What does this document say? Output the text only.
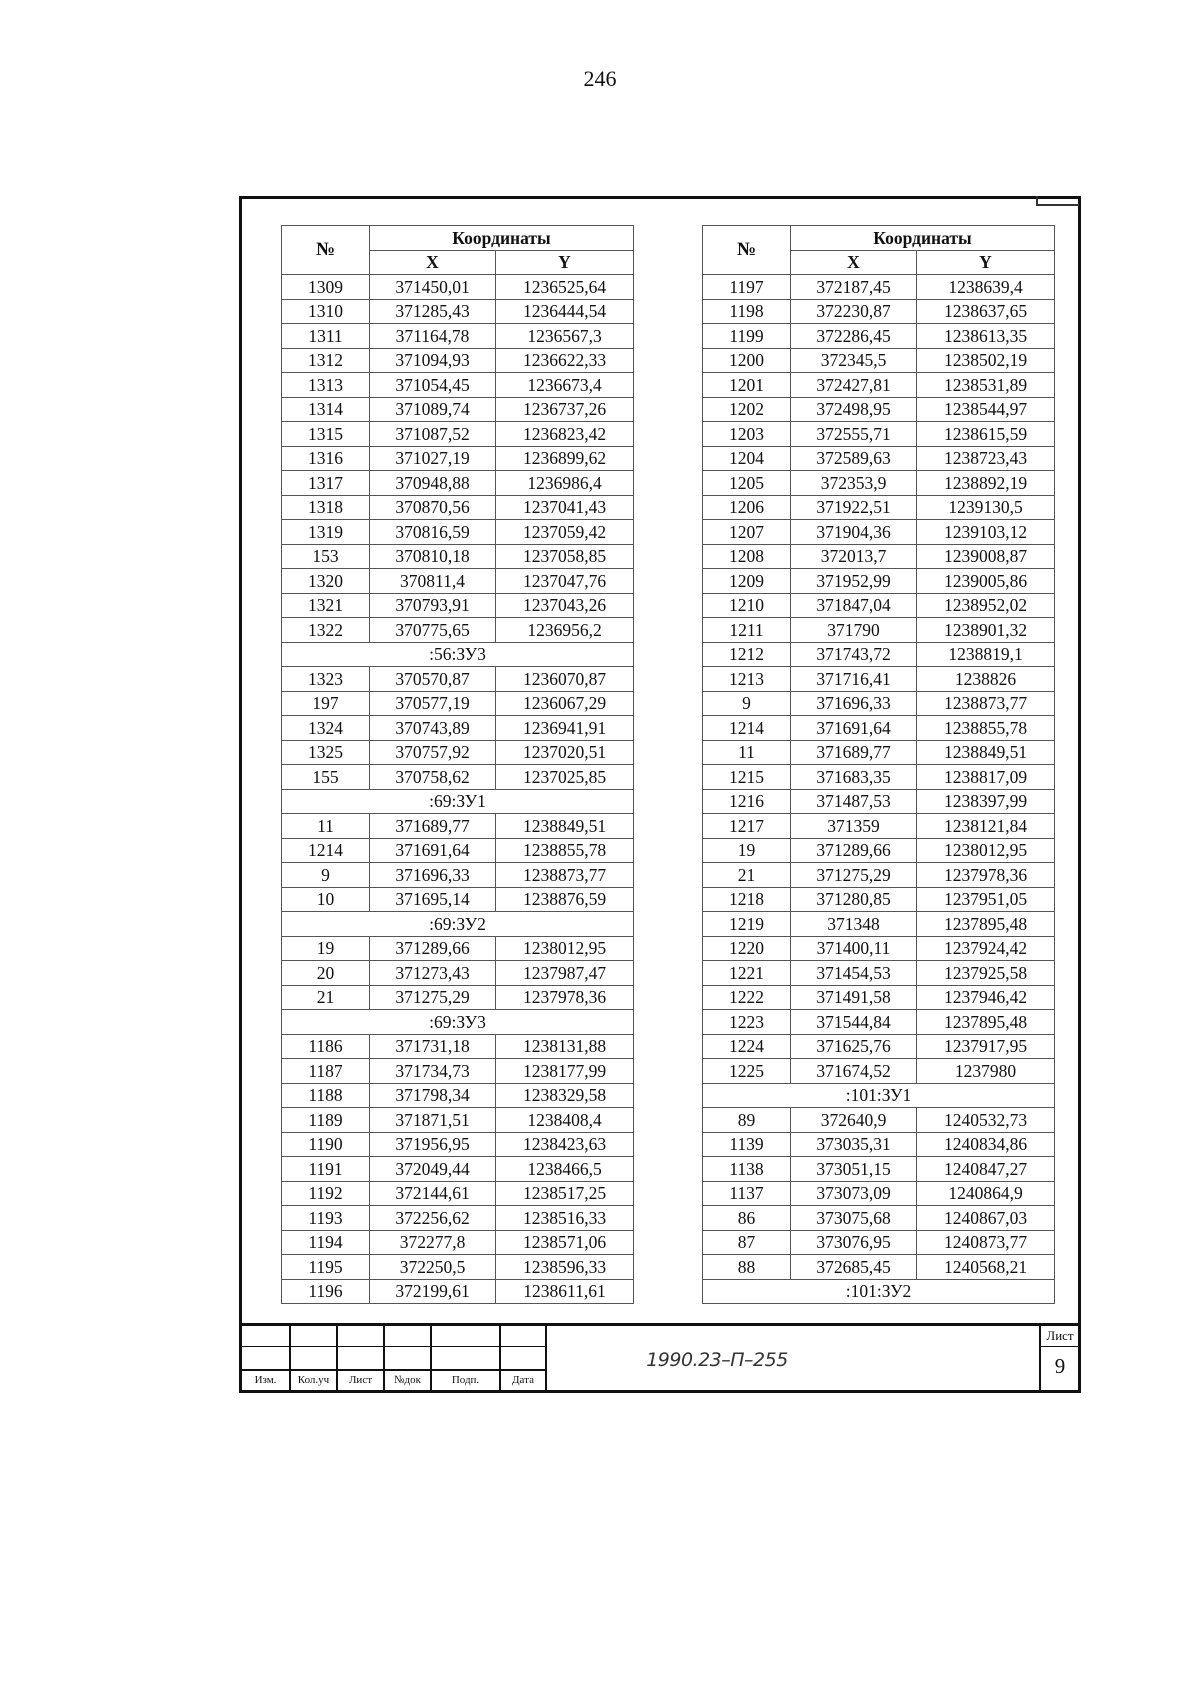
246
№	Координаты	
	X	Y
1309	371450,01	1236525,64
1310	371285,43	1236444,54
1311	371164,78	1236567,3
1312	371094,93	1236622,33
1313	371054,45	1236673,4
1314	371089,74	1236737,26
1315	371087,52	1236823,42
1316	371027,19	1236899,62
1317	370948,88	1236986,4
1318	370870,56	1237041,43
1319	370816,59	1237059,42
153	370810,18	1237058,85
1320	370811,4	1237047,76
1321	370793,91	1237043,26
1322	370775,65	1236956,2
:56:ЗУ3		
1323	370570,87	1236070,87
197	370577,19	1236067,29
1324	370743,89	1236941,91
1325	370757,92	1237020,51
155	370758,62	1237025,85
:69:ЗУ1		
11	371689,77	1238849,51
1214	371691,64	1238855,78
9	371696,33	1238873,77
10	371695,14	1238876,59
:69:ЗУ2		
19	371289,66	1238012,95
20	371273,43	1237987,47
21	371275,29	1237978,36
:69:ЗУ3		
1186	371731,18	1238131,88
1187	371734,73	1238177,99
1188	371798,34	1238329,58
1189	371871,51	1238408,4
1190	371956,95	1238423,63
1191	372049,44	1238466,5
1192	372144,61	1238517,25
1193	372256,62	1238516,33
1194	372277,8	1238571,06
1195	372250,5	1238596,33
1196	372199,61	1238611,61
№	Координаты	
	X	Y
1197	372187,45	1238639,4
1198	372230,87	1238637,65
1199	372286,45	1238613,35
1200	372345,5	1238502,19
1201	372427,81	1238531,89
1202	372498,95	1238544,97
1203	372555,71	1238615,59
1204	372589,63	1238723,43
1205	372353,9	1238892,19
1206	371922,51	1239130,5
1207	371904,36	1239103,12
1208	372013,7	1239008,87
1209	371952,99	1239005,86
1210	371847,04	1238952,02
1211	371790	1238901,32
1212	371743,72	1238819,1
1213	371716,41	1238826
9	371696,33	1238873,77
1214	371691,64	1238855,78
11	371689,77	1238849,51
1215	371683,35	1238817,09
1216	371487,53	1238397,99
1217	371359	1238121,84
19	371289,66	1238012,95
21	371275,29	1237978,36
1218	371280,85	1237951,05
1219	371348	1237895,48
1220	371400,11	1237924,42
1221	371454,53	1237925,58
1222	371491,58	1237946,42
1223	371544,84	1237895,48
1224	371625,76	1237917,95
1225	371674,52	1237980
:101:ЗУ1		
89	372640,9	1240532,73
1139	373035,31	1240834,86
1138	373051,15	1240847,27
1137	373073,09	1240864,9
86	373075,68	1240867,03
87	373076,95	1240873,77
88	372685,45	1240568,21
:101:ЗУ2		
Изм.	Кол.уч	Лист	№док	Подп.	Дата
1990.23–П–255
Лист
9
